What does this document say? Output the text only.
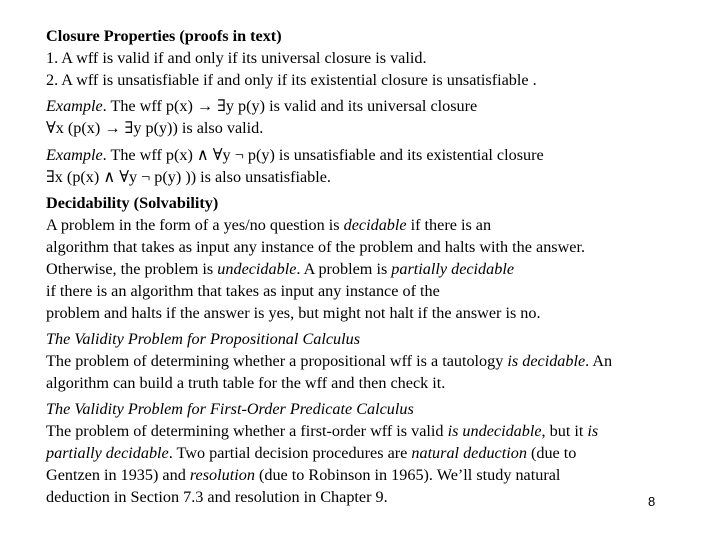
Closure Properties (proofs in text)
1. A wff is valid if and only if its universal closure is valid.
2. A wff is unsatisfiable if and only if its existential closure is unsatisfiable .
Example. The wff p(x) → ∃y p(y) is valid and its universal closure
∀x (p(x) → ∃y p(y)) is also valid.
Example. The wff p(x) ∧ ∀y ¬ p(y) is unsatisfiable and its existential closure
∃x (p(x) ∧ ∀y ¬ p(y) )) is also unsatisfiable.
Decidability (Solvability)
A problem in the form of a yes/no question is decidable if there is an
algorithm that takes as input any instance of the problem and halts with the answer.
Otherwise, the problem is undecidable. A problem is partially decidable
if there is an algorithm that takes as input any instance of the
problem and halts if the answer is yes, but might not halt if the answer is no.
The Validity Problem for Propositional Calculus
The problem of determining whether a propositional wff is a tautology is decidable. An
algorithm can build a truth table for the wff and then check it.
The Validity Problem for First-Order Predicate Calculus
The problem of determining whether a first-order wff is valid is undecidable, but it is
partially decidable. Two partial decision procedures are natural deduction (due to
Gentzen in 1935) and resolution (due to Robinson in 1965). We’ll study natural
deduction in Section 7.3 and resolution in Chapter 9.	8
